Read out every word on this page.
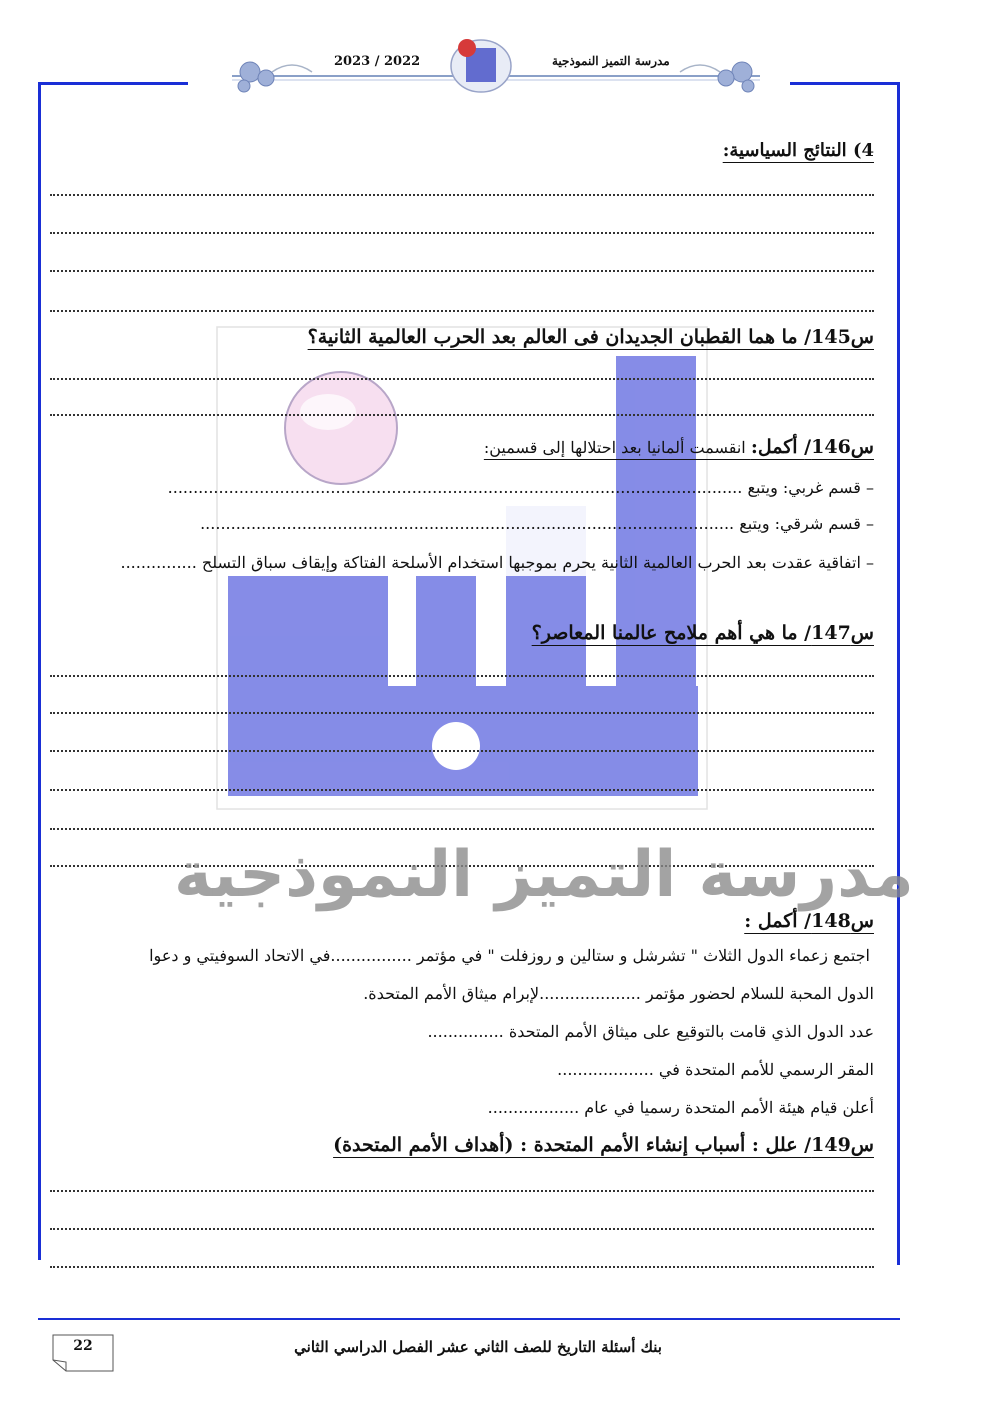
2023 / 2022	مدرسة التميز النموذجية
4) النتائج السياسية:
س145/ ما هما القطبان الجديدان فى العالم بعد الحرب العالمية الثانية؟
س146/ أكمل: انقسمت ألمانيا بعد احتلالها إلى قسمين:
– قسم غربي: ويتبع .................................................................................................................
– قسم شرقي: ويتبع .........................................................................................................
– اتفاقية عقدت بعد الحرب العالمية الثانية يحرم بموجبها استخدام الأسلحة الفتاكة وإيقاف سباق التسلح ...............
س147/ ما هي أهم ملامح عالمنا المعاصر؟
مدرسة التميز النموذجية
س148/ أكمل :
اجتمع زعماء الدول الثلاث " تشرشل و ستالين و روزفلت " في مؤتمر ................في الاتحاد السوفيتي و دعوا
الدول المحبة للسلام لحضور مؤتمر ....................لإبرام ميثاق الأمم المتحدة.
عدد الدول الذي قامت بالتوقيع على ميثاق الأمم المتحدة ...............
المقر الرسمي للأمم المتحدة في ...................
أعلن قيام هيئة الأمم المتحدة رسميا في عام ..................
س149/ علل : أسباب إنشاء الأمم المتحدة : (أهداف الأمم المتحدة)
22	بنك أسئلة التاريخ للصف الثاني عشر الفصل الدراسي الثاني
